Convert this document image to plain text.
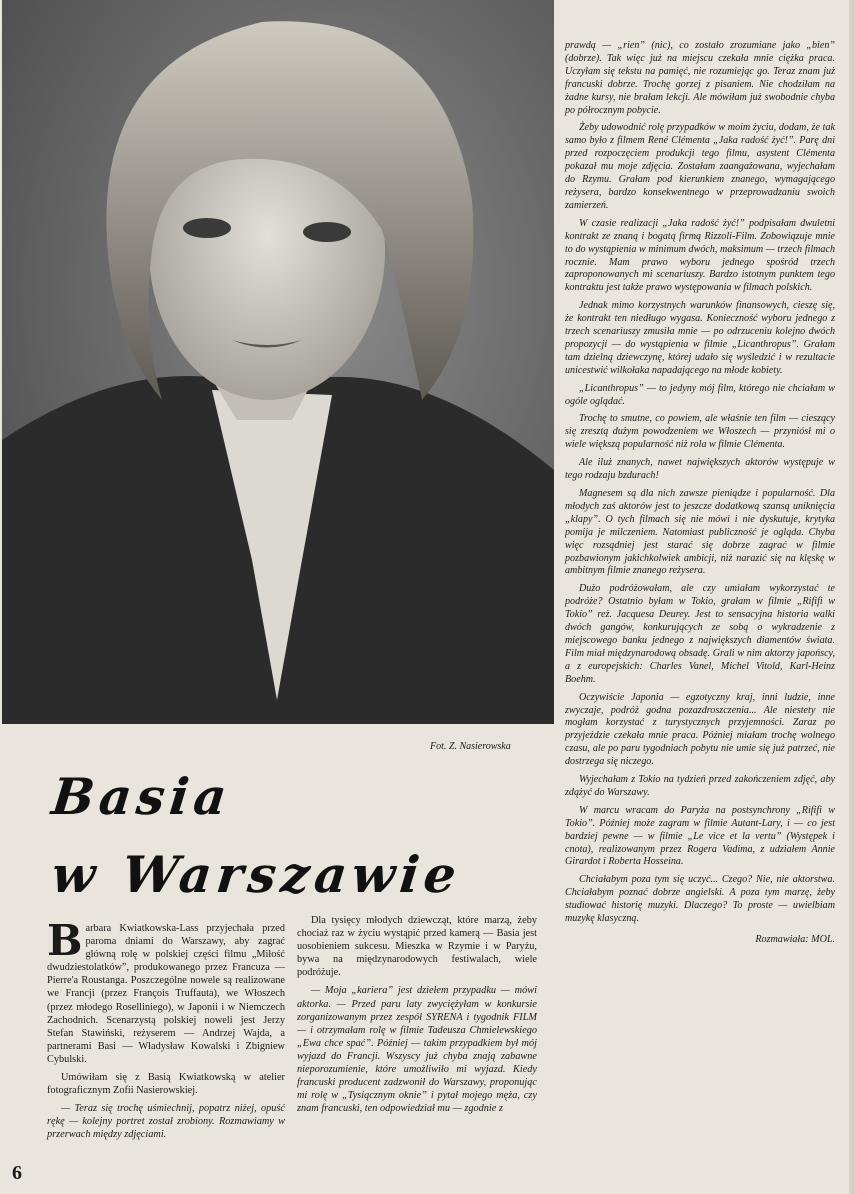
Fot. Z. Nasierowska
Basia
w Warszawie

Barbara Kwiatkowska-Lass przyjechała przed paroma dniami do Warszawy, aby zagrać główną rolę w polskiej części filmu „Miłość dwudziestolatków”, produkowanego przez Francuza — Pierre'a Roustanga. Poszczególne nowele są realizowane we Francji (przez François Truffauta), we Włoszech (przez młodego Roselliniego), w Japonii i w Niemczech Zachodnich. Scenarzystą polskiej noweli jest Jerzy Stefan Stawiński, reżyserem — Andrzej Wajda, a partnerami Basi — Władysław Kowalski i Zbigniew Cybulski.

Umówiłam się z Basią Kwiatkowską w atelier fotograficznym Zofii Nasierowskiej.

— Teraz się trochę uśmiechnij, popatrz niżej, opuść rękę — kolejny portret został zrobiony. Rozmawiamy w przerwach między zdjęciami.

Dla tysięcy młodych dziewcząt, które marzą, żeby chociaż raz w życiu wystąpić przed kamerą — Basia jest uosobieniem sukcesu. Mieszka w Rzymie i w Paryżu, bywa na międzynarodowych festiwalach, wiele podróżuje.

— Moja „kariera” jest dziełem przypadku — mówi aktorka. — Przed paru laty zwyciężyłam w konkursie zorganizowanym przez zespół SYRENA i tygodnik FILM — i otrzymałam rolę w filmie Tadeusza Chmielewskiego „Ewa chce spać”. Później — takim przypadkiem był mój wyjazd do Francji. Wszyscy już chyba znają zabawne nieporozumienie, które umożliwiło mi wyjazd. Kiedy francuski producent zadzwonił do Warszawy, proponując mi rolę w „Tysiącznym oknie” i pytał mojego męża, czy znam francuski, ten odpowiedział mu — zgodnie z

prawdą — „rien” (nic), co zostało zrozumiane jako „bien” (dobrze). Tak więc już na miejscu czekała mnie ciężka praca. Uczyłam się tekstu na pamięć, nie rozumiejąc go. Teraz znam już francuski dobrze. Trochę gorzej z pisaniem. Nie chodziłam na żadne kursy, nie brałam lekcji. Ale mówiłam już swobodnie chyba po półrocznym pobycie.

Żeby udowodnić rolę przypadków w moim życiu, dodam, że tak samo było z filmem René Clémenta „Jaka radość żyć!”. Parę dni przed rozpoczęciem produkcji tego filmu, asystent Clémenta pokazał mu moje zdjęcia. Zostałam zaangażowana, wyjechałam do Rzymu. Grałam pod kierunkiem znanego, wymagającego reżysera, bardzo konsekwentnego w przeprowadzaniu swoich zamierzeń.

W czasie realizacji „Jaka radość żyć!” podpisałam dwuletni kontrakt ze znaną i bogatą firmą Rizzoli-Film. Zobowiązuje mnie to do wystąpienia w minimum dwóch, maksimum — trzech filmach rocznie. Mam prawo wyboru jednego spośród trzech zaproponowanych mi scenariuszy. Bardzo istotnym punktem tego kontraktu jest także prawo występowania w filmach polskich.

Jednak mimo korzystnych warunków finansowych, cieszę się, że kontrakt ten niedługo wygasa. Konieczność wyboru jednego z trzech scenariuszy zmusiła mnie — po odrzuceniu kolejno dwóch propozycji — do wystąpienia w filmie „Licanthropus”. Grałam tam dzielną dziewczynę, której udało się wyśledzić i w rezultacie unicestwić wilkołaka napadającego na młode kobiety.

„Licanthropus” — to jedyny mój film, którego nie chciałam w ogóle oglądać.

Trochę to smutne, co powiem, ale właśnie ten film — cieszący się zresztą dużym powodzeniem we Włoszech — przyniósł mi o wiele większą popularność niż rola w filmie Clémenta.

Ale iluż znanych, nawet największych aktorów występuje w tego rodzaju bzdurach!

Magnesem są dla nich zawsze pieniądze i popularność. Dla młodych zaś aktorów jest to jeszcze dodatkową szansą uniknięcia „klapy”. O tych filmach się nie mówi i nie dyskutuje, krytyka pomija je milczeniem. Natomiast publiczność je ogląda. Chyba więc rozsądniej jest starać się dobrze zagrać w filmie pozbawionym jakichkolwiek ambicji, niż narazić się na klęskę w ambitnym filmie znanego reżysera.

Dużo podróżowałam, ale czy umiałam wykorzystać te podróże? Ostatnio byłam w Tokio, grałam w filmie „Rififi w Tokio” reż. Jacquesa Deurey. Jest to sensacyjna historia walki dwóch gangów, konkurujących ze sobą o wykradzenie z miejscowego banku jednego z największych diamentów świata. Film miał międzynarodową obsadę. Grali w nim aktorzy japońscy, a z europejskich: Charles Vanel, Michel Vitold, Karl-Heinz Boehm.

Oczywiście Japonia — egzotyczny kraj, inni ludzie, inne zwyczaje, podróż godna pozazdroszczenia... Ale niestety nie mogłam korzystać z turystycznych przyjemności. Zaraz po przyjeździe czekała mnie praca. Później miałam trochę wolnego czasu, ale po paru tygodniach pobytu nie umie się już patrzeć, nie dostrzega się niczego.

Wyjechałam z Tokio na tydzień przed zakończeniem zdjęć, aby zdążyć do Warszawy.

W marcu wracam do Paryża na postsynchrony „Rififi w Tokio”. Później może zagram w filmie Autant-Lary, i — co jest bardziej pewne — w filmie „Le vice et la vertu” (Występek i cnota), realizowanym przez Rogera Vadima, z udziałem Annie Girardot i Roberta Hosseina.

Chciałabym poza tym się uczyć... Czego? Nie, nie aktorstwa. Chciałabym poznać dobrze angielski. A poza tym marzę, żeby studiować historię muzyki. Dlaczego? To proste — uwielbiam muzykę klasyczną.

Rozmawiała: MOL.
6
